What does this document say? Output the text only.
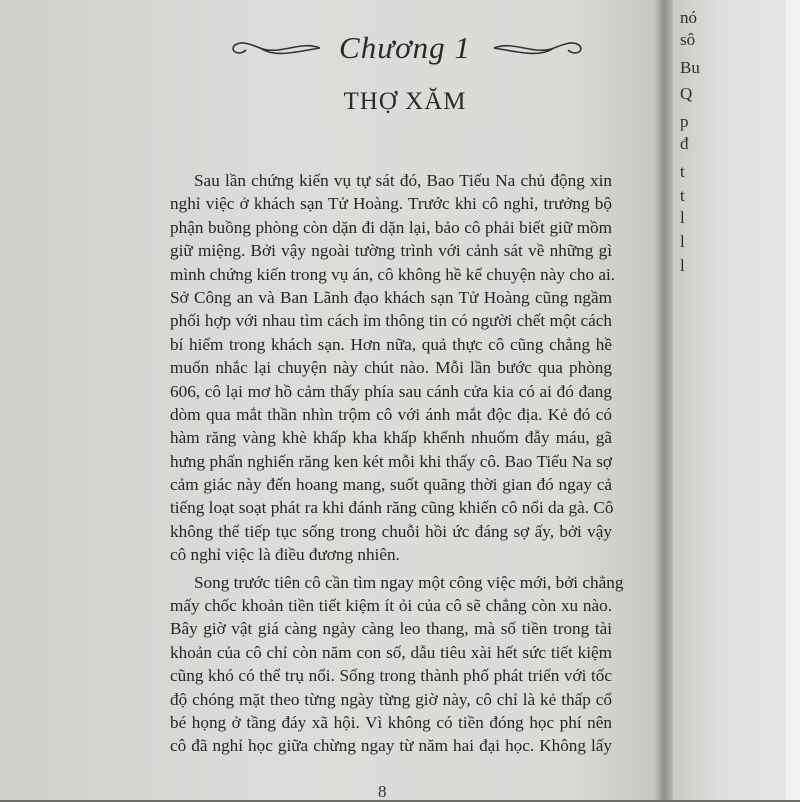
Chương 1
THỢ XĂM
Sau lần chứng kiến vụ tự sát đó, Bao Tiếu Na chủ động xin
nghỉ việc ở khách sạn Tử Hoàng. Trước khi cô nghỉ, trưởng bộ
phận buồng phòng còn dặn đi dặn lại, bảo cô phải biết giữ mồm
giữ miệng. Bởi vậy ngoài tường trình với cảnh sát về những gì
mình chứng kiến trong vụ án, cô không hề kể chuyện này cho ai.
Sở Công an và Ban Lãnh đạo khách sạn Tử Hoàng cũng ngầm
phối hợp với nhau tìm cách ỉm thông tin có người chết một cách
bí hiểm trong khách sạn. Hơn nữa, quả thực cô cũng chẳng hề
muốn nhắc lại chuyện này chút nào. Mỗi lần bước qua phòng
606, cô lại mơ hồ cảm thấy phía sau cánh cửa kia có ai đó đang
dòm qua mắt thần nhìn trộm cô với ánh mắt độc địa. Kẻ đó có
hàm răng vàng khè khấp kha khấp khểnh nhuốm đẫy máu, gã
hưng phấn nghiến răng ken két mỗi khi thấy cô. Bao Tiểu Na sợ
cảm giác này đến hoang mang, suốt quãng thời gian đó ngay cả
tiếng loạt soạt phát ra khi đánh răng cũng khiến cô nổi da gà. Cô
không thể tiếp tục sống trong chuỗi hồi ức đáng sợ ấy, bởi vậy
cô nghỉ việc là điều đương nhiên.
Song trước tiên cô cần tìm ngay một công việc mới, bởi chẳng
mấy chốc khoản tiền tiết kiệm ít ỏi của cô sẽ chẳng còn xu nào.
Bây giờ vật giá càng ngày càng leo thang, mà số tiền trong tài
khoản của cô chỉ còn năm con số, dẫu tiêu xài hết sức tiết kiệm
cũng khó có thể trụ nổi. Sống trong thành phố phát triển với tốc
độ chóng mặt theo từng ngày từng giờ này, cô chỉ là kẻ thấp cổ
bé họng ở tầng đáy xã hội. Vì không có tiền đóng học phí nên
cô đã nghỉ học giữa chừng ngay từ năm hai đại học. Không lấy
8
nó
sô
Bu
Q
p
đ
t
t
l
l
l
